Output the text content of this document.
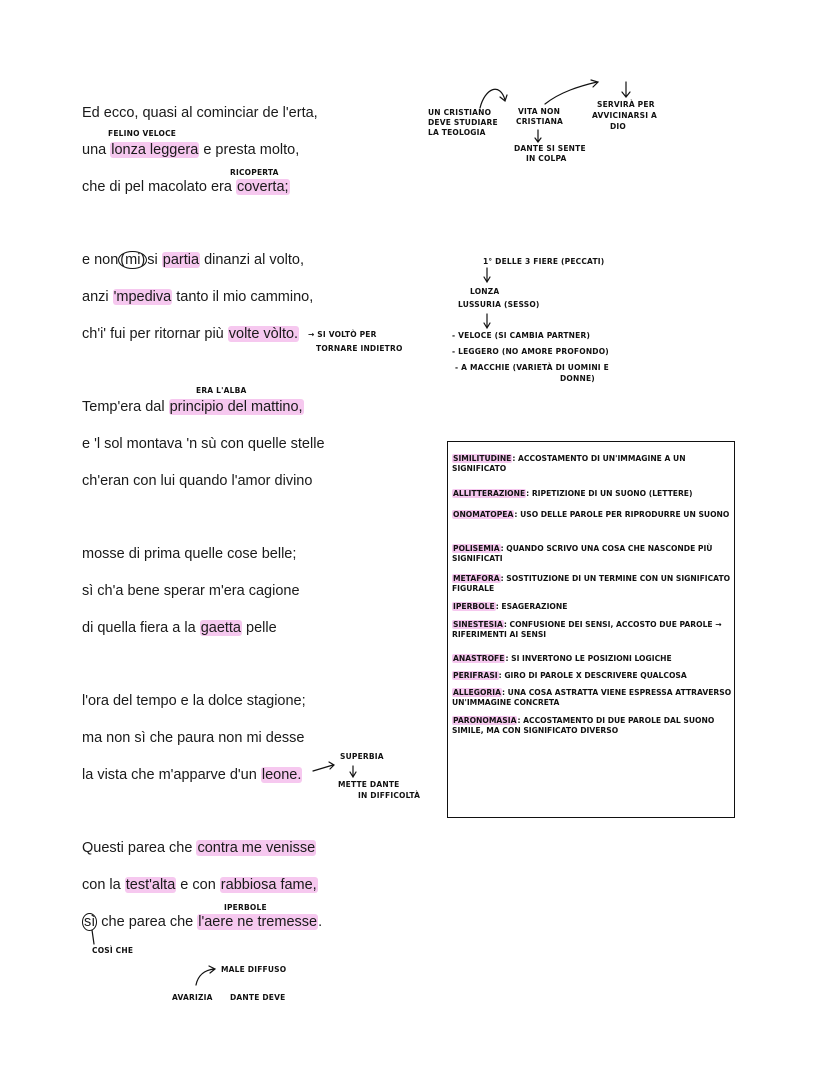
Ed ecco, quasi al cominciar de l'erta,
una lonza leggera e presta molto,
che di pel macolato era coverta;
e non (mi) si partia dinanzi al volto,
anzi 'mpediva tanto il mio cammino,
ch'i' fui per ritornar più volte vòlto.
Temp'era dal principio del mattino,
e 'l sol montava 'n sù con quelle stelle
ch'eran con lui quando l'amor divino
mosse di prima quelle cose belle;
sì ch'a bene sperar m'era cagione
di quella fiera a la gaetta pelle
l'ora del tempo e la dolce stagione;
ma non sì che paura non mi desse
la vista che m'apparve d'un leone.
Questi parea che contra me venisse
con la test'alta e con rabbiosa fame,
sì che parea che l'aere ne tremesse.
FELINO VELOCE
RICOPERTA
UN CRISTIANO
DEVE STUDIARE
LA TEOLOGIA
VITA NON
CRISTIANA
DANTE SI SENTE
IN COLPA
SERVIRÀ PER
AVVICINARSI A
DIO
1° DELLE 3 FIERE (PECCATI)
LONZA
LUSSURIA (SESSO)
- VELOCE (SI CAMBIA PARTNER)
- LEGGERO (NO AMORE PROFONDO)
- A MACCHIE (VARIETÀ DI UOMINI E
DONNE)
→ SI VOLTÒ PER
TORNARE INDIETRO
ERA L'ALBA
SUPERBIA
METTE DANTE
IN DIFFICOLTÀ
IPERBOLE
COSÌ CHE
MALE DIFFUSO
AVARIZIA DANTE DEVE
SIMILITUDINE: ACCOSTAMENTO DI UN'IMMAGINE A UN SIGNIFICATO
ALLITTERAZIONE: RIPETIZIONE DI UN SUONO (LETTERE)
ONOMATOPEA: USO DELLE PAROLE PER RIPRODURRE UN SUONO
POLISEMIA: QUANDO SCRIVO UNA COSA CHE NASCONDE PIÙ SIGNIFICATI
METAFORA: SOSTITUZIONE DI UN TERMINE CON UN SIGNIFICATO FIGURALE
IPERBOLE: ESAGERAZIONE
SINESTESIA: CONFUSIONE DEI SENSI, ACCOSTO DUE PAROLE → RIFERIMENTI AI SENSI
ANASTROFE: SI INVERTONO LE POSIZIONI LOGICHE
PERIFRASI: GIRO DI PAROLE X DESCRIVERE QUALCOSA
ALLEGORIA: UNA COSA ASTRATTA VIENE ESPRESSA ATTRAVERSO UN'IMMAGINE CONCRETA
PARONOMASIA: ACCOSTAMENTO DI DUE PAROLE DAL SUONO SIMILE, MA CON SIGNIFICATO DIVERSO
